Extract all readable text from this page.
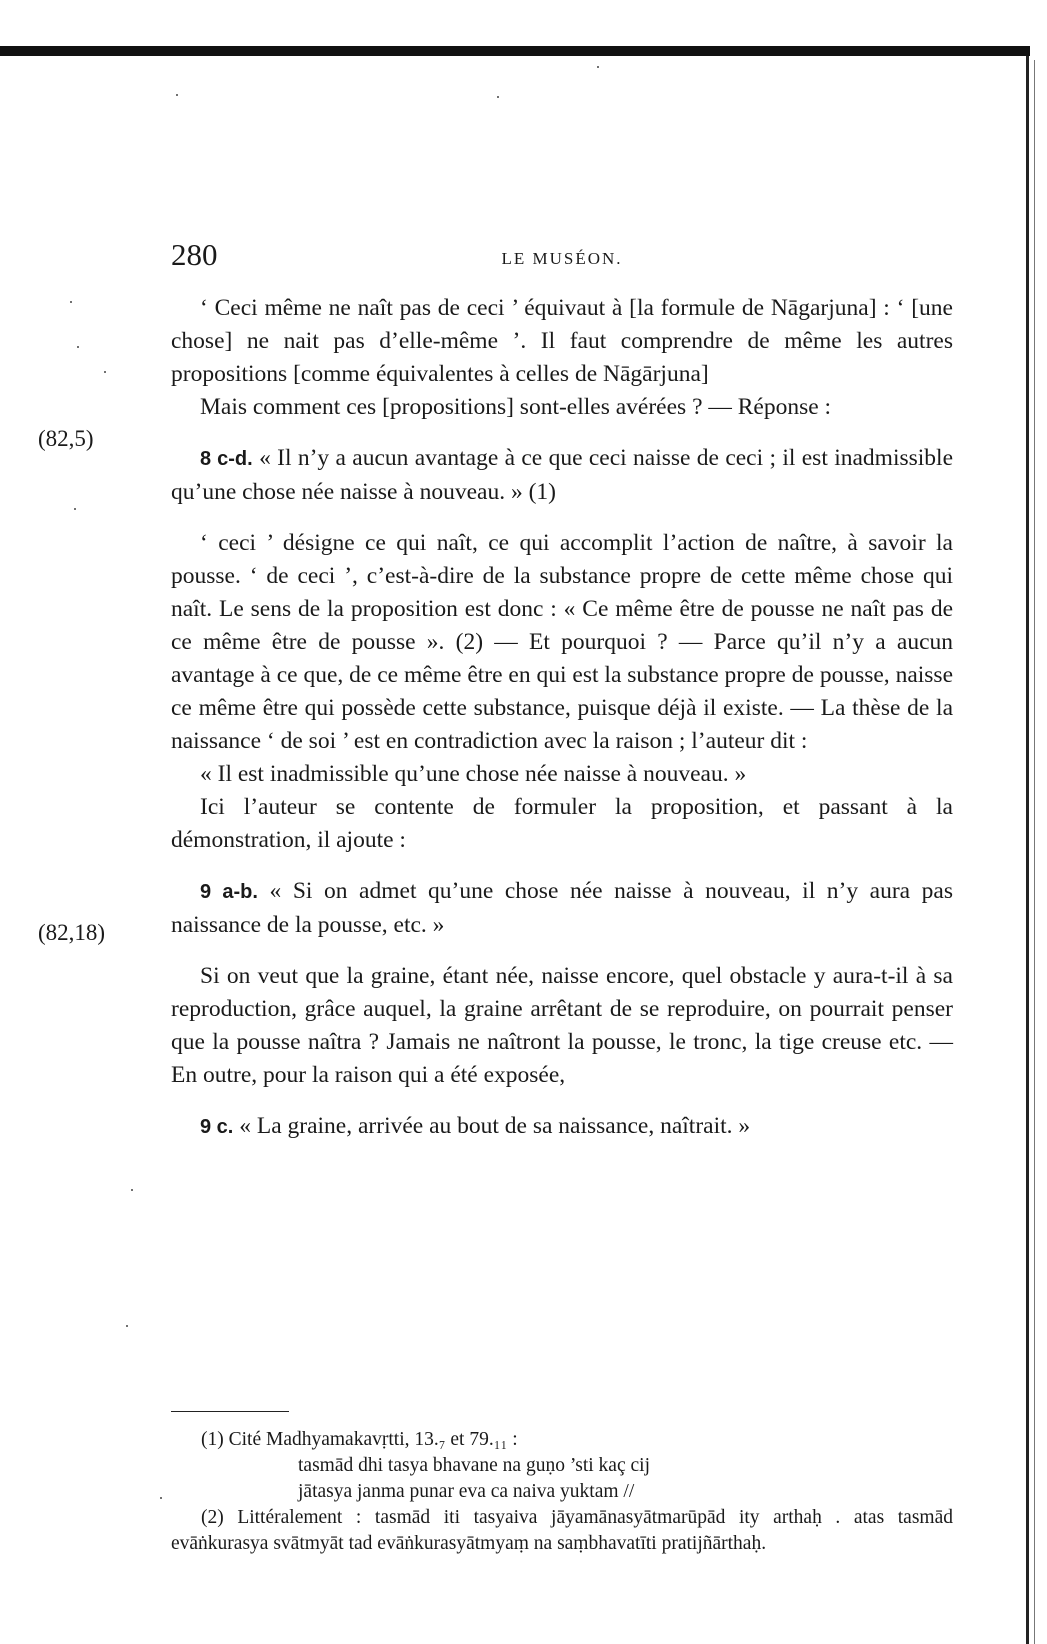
280	LE MUSÉON.
(82,5)
(82,18)

‘ Ceci même ne naît pas de ceci ’ équivaut à [la formule de Nāgarjuna] : ‘ [une chose] ne nait pas d’elle-même ’. Il faut comprendre de même les autres propositions [comme équivalentes à celles de Nāgārjuna]

Mais comment ces [propositions] sont-elles avérées ? — Réponse :

8 c-d. « Il n’y a aucun avantage à ce que ceci naisse de ceci ; il est inadmissible qu’une chose née naisse à nouveau. » (1)

‘ ceci ’ désigne ce qui naît, ce qui accomplit l’action de naître, à savoir la pousse. ‘ de ceci ’, c’est-à-dire de la substance propre de cette même chose qui naît. Le sens de la proposition est donc : « Ce même être de pousse ne naît pas de ce même être de pousse ». (2) — Et pourquoi ? — Parce qu’il n’y a aucun avantage à ce que, de ce même être en qui est la substance propre de pousse, naisse ce même être qui possède cette substance, puisque déjà il existe. — La thèse de la naissance ‘ de soi ’ est en contradiction avec la raison ; l’auteur dit :

« Il est inadmissible qu’une chose née naisse à nouveau. »

Ici l’auteur se contente de formuler la proposition, et passant à la démonstration, il ajoute :

9 a-b. « Si on admet qu’une chose née naisse à nouveau, il n’y aura pas naissance de la pousse, etc. »

Si on veut que la graine, étant née, naisse encore, quel obstacle y aura-t-il à sa reproduction, grâce auquel, la graine arrêtant de se reproduire, on pourrait penser que la pousse naîtra ? Jamais ne naîtront la pousse, le tronc, la tige creuse etc. — En outre, pour la raison qui a été exposée,

9 c. « La graine, arrivée au bout de sa naissance, naîtrait. »

(1) Cité Madhyamakavṛtti, 13.₇ et 79.₁₁ :

tasmād dhi tasya bhavane na guṇo ’sti kaç cij

jātasya janma punar eva ca naiva yuktam //

(2) Littéralement : tasmād iti tasyaiva jāyamānasyātmarūpād ity arthaḥ . atas tasmād evāṅkurasya svātmyāt tad evāṅkurasyātmyaṃ na saṃbhavatīti pratijñārthaḥ.
